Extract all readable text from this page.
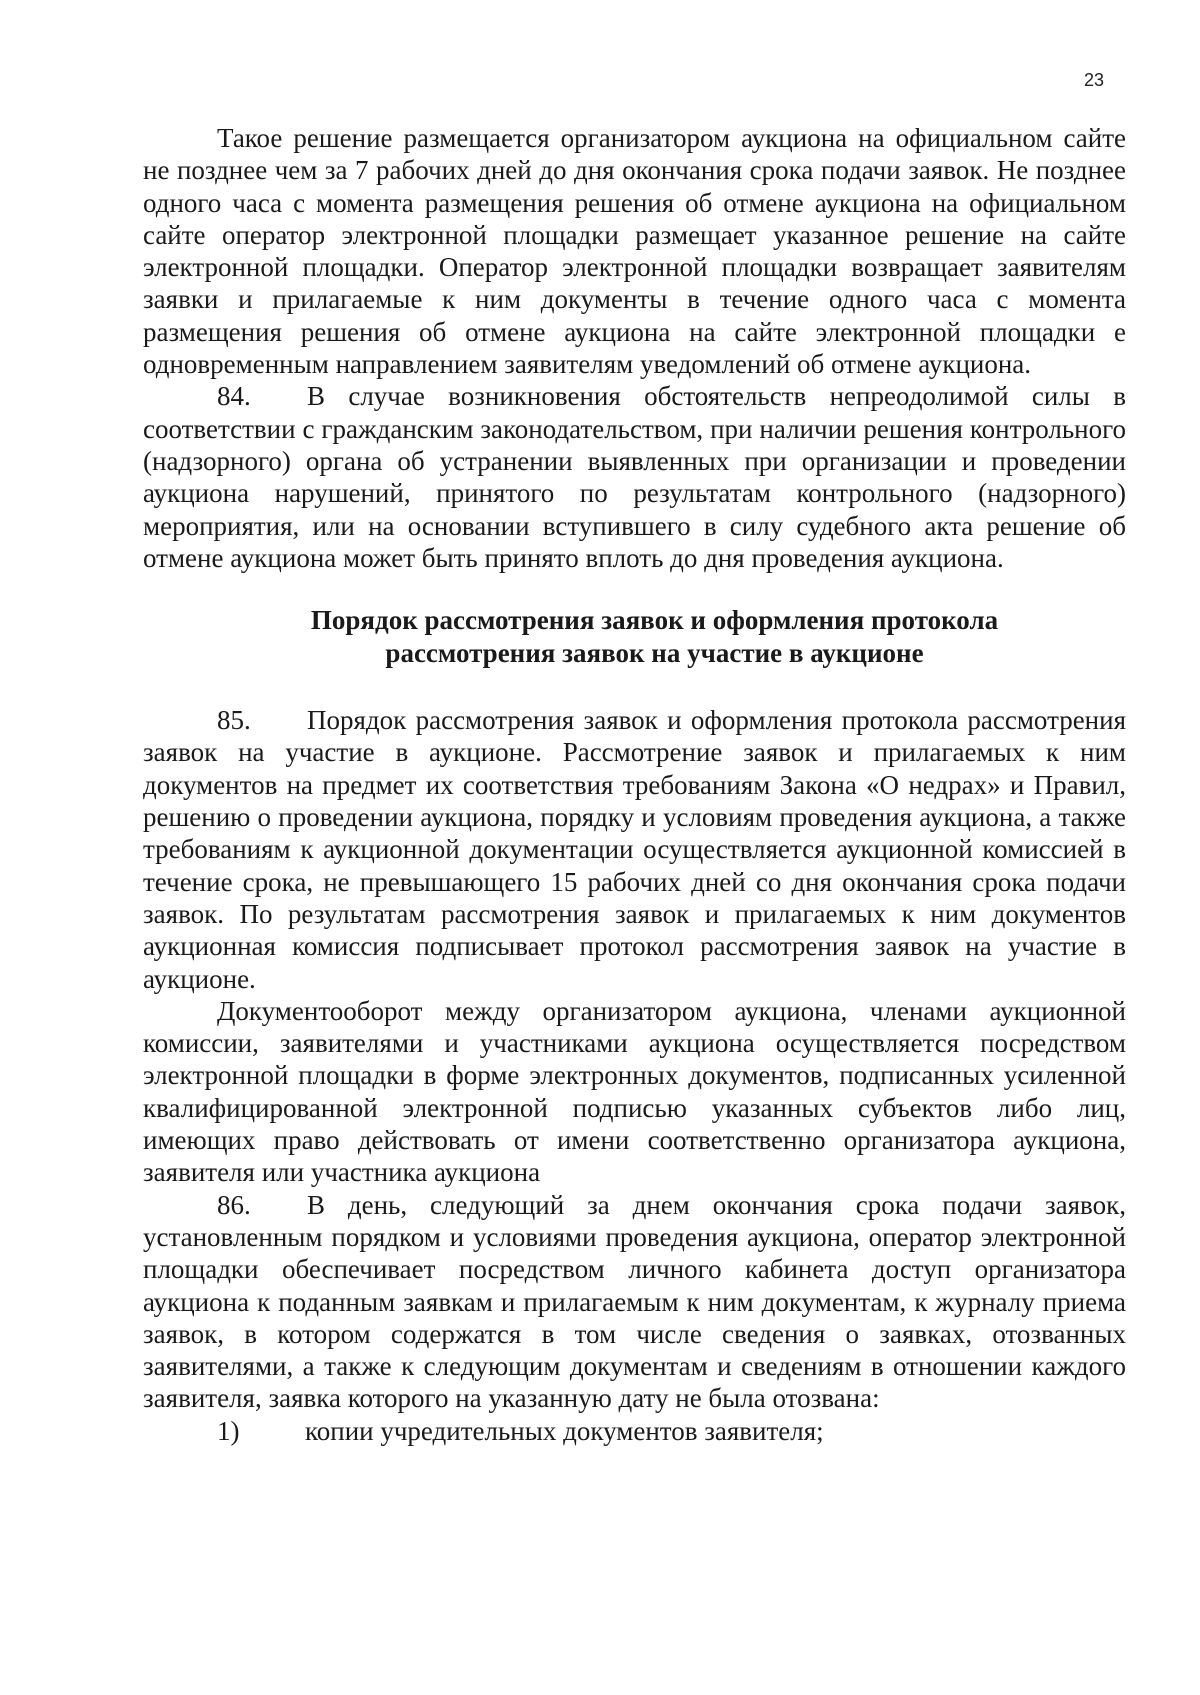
23

Такое решение размещается организатором аукциона на официальном сайте не позднее чем за 7 рабочих дней до дня окончания срока подачи заявок. Не позднее одного часа с момента размещения решения об отмене аукциона на официальном сайте оператор электронной площадки размещает указанное решение на сайте электронной площадки. Оператор электронной площадки возвращает заявителям заявки и прилагаемые к ним документы в течение одного часа с момента размещения решения об отмене аукциона на сайте электронной площадки е одновременным направлением заявителям уведомлений об отмене аукциона.

84. В случае возникновения обстоятельств непреодолимой силы в соответствии с гражданским законодательством, при наличии решения контрольного (надзорного) органа об устранении выявленных при организации и проведении аукциона нарушений, принятого по результатам контрольного (надзорного) мероприятия, или на основании вступившего в силу судебного акта решение об отмене аукциона может быть принято вплоть до дня проведения аукциона.

Порядок рассмотрения заявок и оформления протокола
рассмотрения заявок на участие в аукционе

85. Порядок рассмотрения заявок и оформления протокола рассмотрения заявок на участие в аукционе. Рассмотрение заявок и прилагаемых к ним документов на предмет их соответствия требованиям Закона «О недрах» и Правил, решению о проведении аукциона, порядку и условиям проведения аукциона, а также требованиям к аукционной документации осуществляется аукционной комиссией в течение срока, не превышающего 15 рабочих дней со дня окончания срока подачи заявок. По результатам рассмотрения заявок и прилагаемых к ним документов аукционная комиссия подписывает протокол рассмотрения заявок на участие в аукционе.

Документооборот между организатором аукциона, членами аукционной комиссии, заявителями и участниками аукциона осуществляется посредством электронной площадки в форме электронных документов, подписанных усиленной квалифицированной электронной подписью указанных субъектов либо лиц, имеющих право действовать от имени соответственно организатора аукциона, заявителя или участника аукциона

86. В день, следующий за днем окончания срока подачи заявок, установленным порядком и условиями проведения аукциона, оператор электронной площадки обеспечивает посредством личного кабинета доступ организатора аукциона к поданным заявкам и прилагаемым к ним документам, к журналу приема заявок, в котором содержатся в том числе сведения о заявках, отозванных заявителями, а также к следующим документам и сведениям в отношении каждого заявителя, заявка которого на указанную дату не была отозвана:

1) копии учредительных документов заявителя;
